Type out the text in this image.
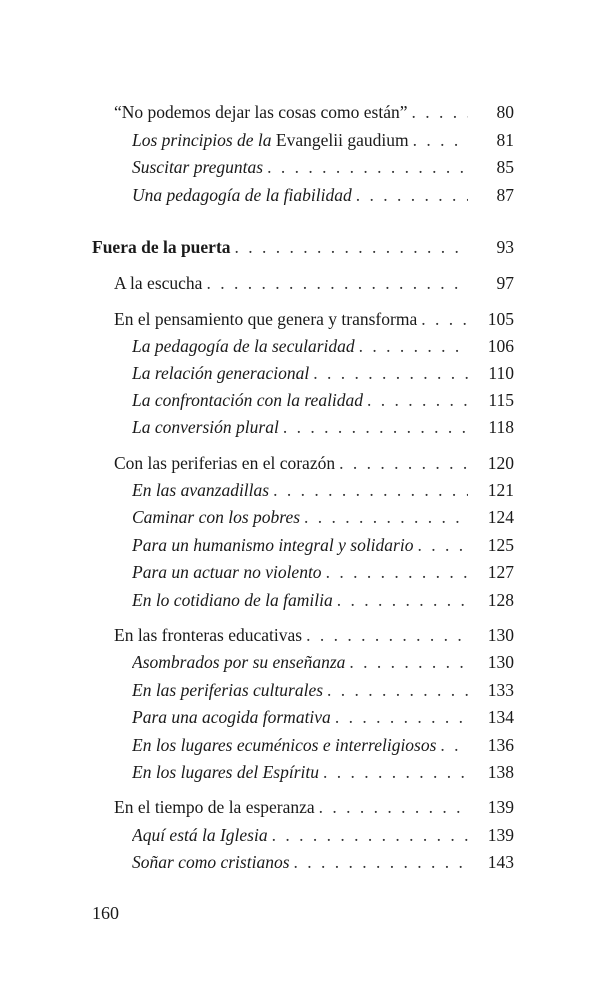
“No podemos dejar las cosas como están” . . .	80
Los principios de la Evangelii gaudium . . .	81
Suscitar preguntas . . .	85
Una pedagogía de la fiabilidad . . .	87
Fuera de la puerta . . .	93
A la escucha . . .	97
En el pensamiento que genera y transforma . . .	105
La pedagogía de la secularidad . . .	106
La relación generacional . . .	110
La confrontación con la realidad . . .	115
La conversión plural . . .	118
Con las periferias en el corazón . . .	120
En las avanzadillas . . .	121
Caminar con los pobres . . .	124
Para un humanismo integral y solidario . . .	125
Para un actuar no violento . . .	127
En lo cotidiano de la familia . . .	128
En las fronteras educativas . . .	130
Asombrados por su enseñanza . . .	130
En las periferias culturales . . .	133
Para una acogida formativa . . .	134
En los lugares ecuménicos e interreligiosos . . .	136
En los lugares del Espíritu . . .	138
En el tiempo de la esperanza . . .	139
Aquí está la Iglesia . . .	139
Soñar como cristianos . . .	143
160
